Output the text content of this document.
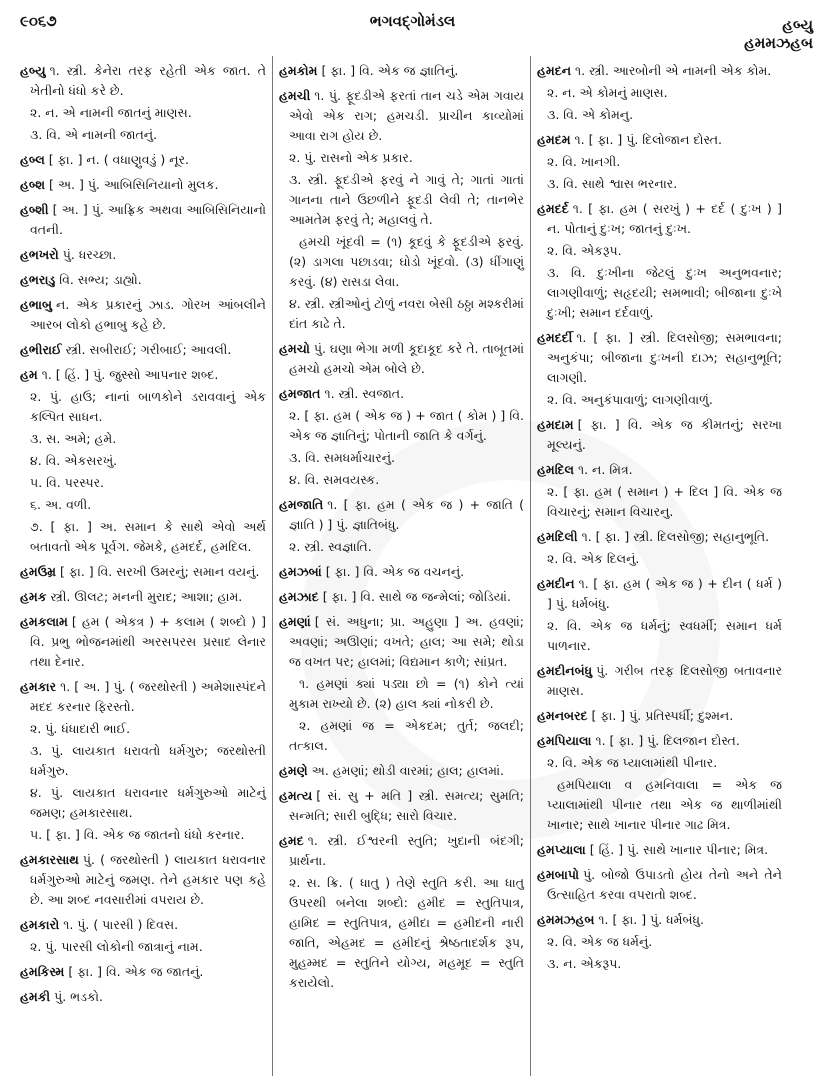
૯૦૬૭	ભગવદ્ગોમંડલ	હબ્યુ
હમમઝહબ
હબ્યુ ૧. સ્ત્રી. કેનેરા તરફ રહેતી એક જાત. તે ખેતીનો ધંધો કરે છે.
૨. ન. એ નામની જાતનું માણસ.
૩. વિ. એ નામની જાતનું.
હબ્લ [ ફા. ] ન. ( વધાણુવડું ) નૂર.
હબ્શ [ અ. ] પું. આબિસિનિયાનો મુલક.
હબ્શી [ અ. ] પું. આફ્રિક અથવા આબિસિનિયાનો વતની.
હભખરો પું. ધરચ્છા.
હભરાડુ વિ. સભ્ય; ડાહ્યો.
હભાબુ ન. એક પ્રકારનું ઝાડ. ગોરખ આંબલીને આરબ લોકો હભાબુ કહે છે.
હભીરાઈ સ્ત્રી. સબીરાઈ; ગરીબાઈ; આવલી.
હમ ૧. [ હિં. ] પું. જુસ્સો આપનાર શબ્દ.
૨. પું. હાઉ; નાનાં બાળકોને ડરાવવાનું એક કલ્પિત સાધન.
૩. સ. અમે; હમે.
૪. વિ. એકસરખું.
૫. વિ. પરસ્પર.
૬. અ. વળી.
૭. [ ફા. ] અ. સમાન કે સાથે એવો અર્થ બતાવતો એક પૂર્વગ. જેમકે, હમદર્દ, હમદિલ.
હમઉમ્ર [ ફા. ] વિ. સરખી ઉમરનું; સમાન વયનું.
હમક સ્ત્રી. ઊલટ; મનની મુરાદ; આશા; હામ.
હમકલામ [ હમ ( એકત્ર ) + કલામ ( શબ્દો ) ] વિ. પ્રભુ ભોજનમાંથી અરસપરસ પ્રસાદ લેનાર તથા દેનાર.
હમકાર ૧. [ અ. ] પું. ( જરથોસ્તી ) અમેશાસ્પંદને મદદ કરનાર ફિરસ્તો.
૨. પું. ધંધાદારી ભાઈ.
૩. પું. લાયકાત ધરાવતો ધર્મગુરુ; જરથોસ્તી ધર્મગુરુ.
૪. પું. લાયકાત ધરાવનાર ધર્મગુરુઓ માટેનું જમણ; હમકારસાથ.
૫. [ ફા. ] વિ. એક જ જાતનો ધંધો કરનાર.
હમકારસાથ પું. ( જરથોસ્તી ) લાયકાત ધરાવનાર ધર્મગુરુઓ માટેનું જમણ. તેને હમકાર પણ કહે છે. આ શબ્દ નવસારીમાં વપરાય છે.
હમકારો ૧. પું. ( પારસી ) દિવસ.
૨. પું. પારસી લોકોની જાત્રાનું નામ.
હમકિસ્મ [ ફા. ] વિ. એક જ જાતનું.
હમકી પું. ભડકો.
હમકોમ [ ફા. ] વિ. એક જ જ્ઞાતિનું.
હમચી ૧. પું. ફૂદડીએ ફરતાં તાન ચડે એમ ગવાય એવો એક રાગ; હમચડી. પ્રાચીન કાવ્યોમાં આવા રાગ હોય છે.
૨. પું. રાસનો એક પ્રકાર.
૩. સ્ત્રી. ફૂદડીએ ફરવું ને ગાવું તે; ગાતાં ગાતાં ગાનના તાને ઉછળીને ફૂદડી લેવી તે; તાનભેર આમતેમ ફરવું તે; મહાલવું તે.
હમચી ખૂંદવી = (૧) કૂદવું કે ફૂદડીએ ફરવું. (૨) ડાગલા પછાડવા; ઘોડો ખૂંદવો. (૩) ધીંગાણું કરવું. (૪) રાસડા લેવા.
૪. સ્ત્રી. સ્ત્રીઓનું ટોળું નવરા બેસી ઠઠ્ઠા મશ્કરીમાં દાંત કાઢે તે.
હમચો પું. ઘણા ભેગા મળી કૂદાકૂદ કરે તે. તાબૂતમાં હમચો હમચો એમ બોલે છે.
હમજાત ૧. સ્ત્રી. સ્વજાત.
૨. [ ફા. હમ ( એક જ ) + જાત ( કોમ ) ] વિ. એક જ જ્ઞાતિનું; પોતાની જાતિ કે વર્ગનું.
૩. વિ. સમધર્માચારનું.
૪. વિ. સમવયસ્ક.
હમજાતિ ૧. [ ફા. હમ ( એક જ ) + જાતિ ( જ્ઞાતિ ) ] પું. જ્ઞાતિબંધુ.
૨. સ્ત્રી. સ્વજ્ઞાતિ.
હમઝબાં [ ફા. ] વિ. એક જ વચનનું.
હમઝાદ [ ફા. ] વિ. સાથે જ જન્મેલાં; જોડિયાં.
હમણાં [ સં. અધુના; પ્રા. અહુણા ] અ. હવણાં; અવણાં; અઊણાં; વખતે; હાલ; આ સમે; થોડા જ વખત પર; હાલમાં; વિદ્યમાન કાળે; સાંપ્રત.
૧. હમણાં ક્યાં પડ્યા છો = (૧) કોને ત્યાં મુકામ રાખ્યો છે. (૨) હાલ ક્યાં નોકરી છે.
૨. હમણાં જ = એકદમ; તુર્ત; જલદી; તત્કાલ.
હમણે અ. હમણાં; થોડી વારમાં; હાલ; હાલમાં.
હમત્ય [ સં. સુ + મતિ ] સ્ત્રી. સમત્ય; સુમતિ; સન્મતિ; સારી બુદ્ધિ; સારો વિચાર.
હમદ ૧. સ્ત્રી. ઈશ્વરની સ્તુતિ; ખુદાની બંદગી; પ્રાર્થના.
૨. સ. ક્રિ. ( ધાતુ ) તેણે સ્તુતિ કરી. આ ધાતુ ઉપરથી બનેલા શબ્દો: હમીદ = સ્તુતિપાત્ર, હામિદ = સ્તુતિપાત્ર, હમીદા = હમીદની નારી જાતિ, એહમદ = હમીદનું શ્રેષ્ઠતાદર્શક રૂપ, મુહમ્મદ = સ્તુતિને યોગ્ય, મહમૂદ = સ્તુતિ કરાયેલો.
હમદન ૧. સ્ત્રી. આરબોની એ નામની એક કોમ.
૨. ન. એ કોમનું માણસ.
૩. વિ. એ કોમનુ.
હમદમ ૧. [ ફા. ] પું. દિલોજાન દોસ્ત.
૨. વિ. ખાનગી.
૩. વિ. સાથે શ્વાસ ભરનાર.
હમદર્દ ૧. [ ફા. હમ ( સરખું ) + દર્દ ( દુઃખ ) ] ન. પોતાનું દુઃખ; જાતનું દુઃખ.
૨. વિ. એકરૂપ.
૩. વિ. દુઃખીના જેટલું દુઃખ અનુભવનાર; લાગણીવાળું; સહૃદયી; સમભાવી; બીજાના દુઃખે દુઃખી; સમાન દર્દવાળું.
હમદર્દી ૧. [ ફા. ] સ્ત્રી. દિલસોજી; સમભાવના; અનુકંપા; બીજાના દુઃખની દાઝ; સહાનુભૂતિ; લાગણી.
૨. વિ. અનુકંપાવાળું; લાગણીવાળું.
હમદામ [ ફા. ] વિ. એક જ કીમતનું; સરખા મૂલ્યનું.
હમદિલ ૧. ન. મિત્ર.
૨. [ ફા. હમ ( સમાન ) + દિલ ] વિ. એક જ વિચારનું; સમાન વિચારનુ.
હમદિલી ૧. [ ફા. ] સ્ત્રી. દિલસોજી; સહાનુભૂતિ.
૨. વિ. એક દિલનું.
હમદીન ૧. [ ફા. હમ ( એક જ ) + દીન ( ધર્મ ) ] પું. ધર્મબંધુ.
૨. વિ. એક જ ધર્મનું; સ્વધર્મી; સમાન ધર્મ પાળનાર.
હમદીનબંધુ પું. ગરીબ તરફ દિલસોજી બતાવનાર માણસ.
હમનબરદ [ ફા. ] પું. પ્રતિસ્પર્ધી; દુશ્મન.
હમપિયાલા ૧. [ ફા. ] પું. દિલજાન દોસ્ત.
૨. વિ. એક જ પ્યાલામાંથી પીનાર.
હમપિયાલા વ હમનિવાલા = એક જ પ્યાલામાંથી પીનાર તથા એક જ થાળીમાંથી ખાનાર; સાથે ખાનાર પીનાર ગાઢ મિત્ર.
હમપ્યાલા [ હિં. ] પું. સાથે ખાનાર પીનાર; મિત્ર.
હમબાપો પું. બોજો ઉપાડતો હોય તેનો અને તેને ઉત્સાહિત કરવા વપરાતો શબ્દ.
હમમઝહબ ૧. [ ફા. ] પું. ધર્મબંધુ.
૨. વિ. એક જ ધર્મનું.
૩. ન. એકરૂપ.
